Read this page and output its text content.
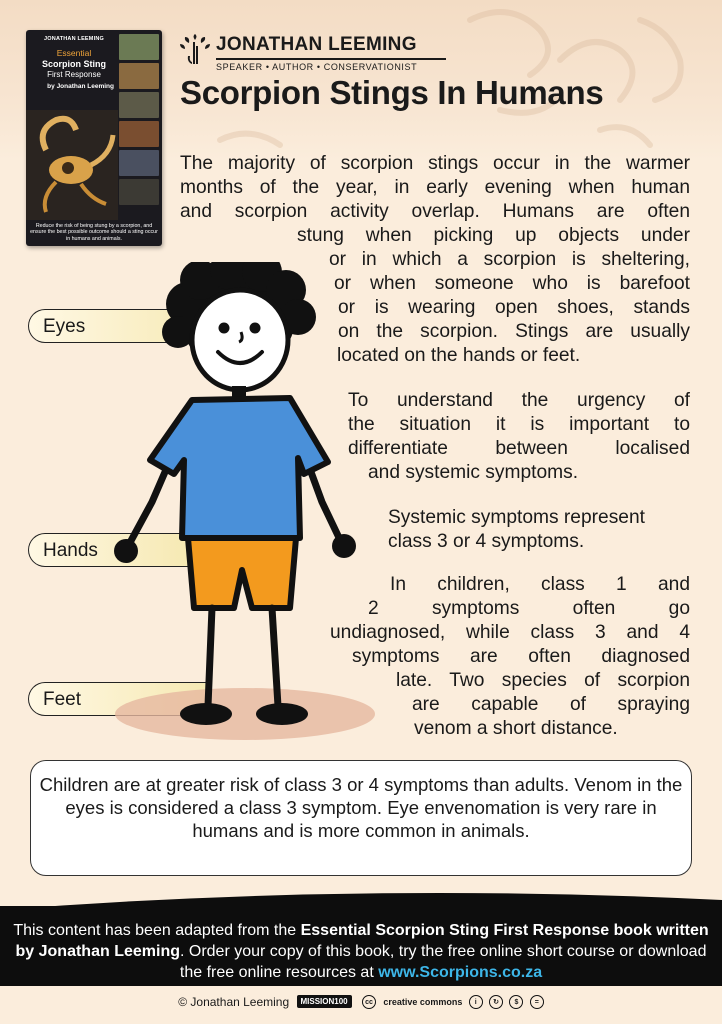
JONATHAN LEEMING
Essential
Scorpion Sting
First Response
by Jonathan Leeming
Reduce the risk of being stung by a scorpion, and ensure the best possible outcome should a sting occur in humans and animals.
JONATHAN LEEMING
SPEAKER • AUTHOR • CONSERVATIONIST
Scorpion Stings In Humans
The majority of scorpion stings occur in the warmer
months of the year, in early evening when human
and scorpion activity overlap. Humans are often
stung when picking up objects under
or in which a scorpion is sheltering,
or when someone who is barefoot
or is wearing open shoes, stands
on the scorpion. Stings are usually
located on the hands or feet.
To understand the urgency of
the situation it is important to
differentiate between localised
and systemic symptoms.
Systemic symptoms represent
class 3 or 4 symptoms.
In children, class 1 and
2 symptoms often go
undiagnosed, while class 3 and 4
symptoms are often diagnosed
late. Two species of scorpion
are capable of spraying
venom a short distance.
Eyes
Hands
Feet
Children are at greater risk of class 3 or 4 symptoms than adults. Venom in the eyes is considered a class 3 symptom. Eye envenomation is very rare in humans and is more common in animals.
This content has been adapted from the Essential Scorpion Sting First Response book written by Jonathan Leeming. Order your copy of this book, try the free online short course or download the free online resources at www.Scorpions.co.za
© Jonathan Leeming MISSION100 cc creative commons i ↻ $ =
